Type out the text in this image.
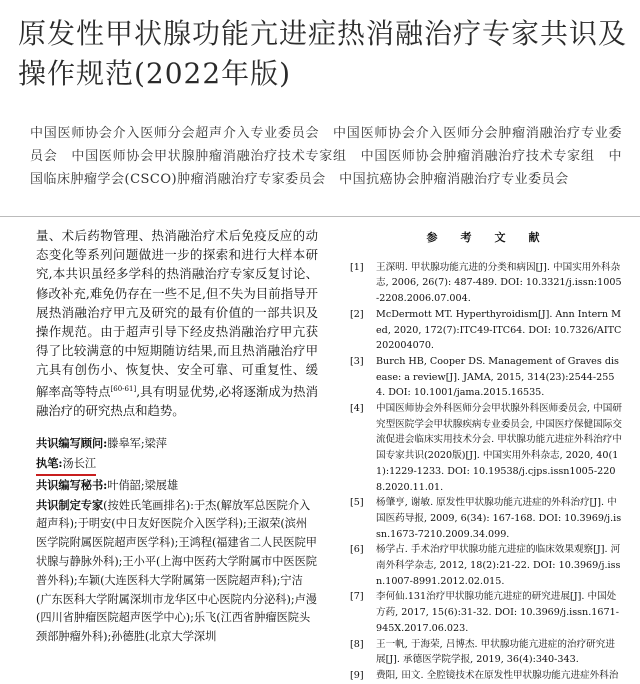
原发性甲状腺功能亢进症热消融治疗专家共识及操作规范(2022年版)

中国医师协会介入医师分会超声介入专业委员会　中国医师协会介入医师分会肿瘤消融治疗专业委员会　中国医师协会甲状腺肿瘤消融治疗技术专家组　中国医师协会肿瘤消融治疗技术专家组　中国临床肿瘤学会(CSCO)肿瘤消融治疗专家委员会　中国抗癌协会肿瘤消融治疗专业委员会

量、术后药物管理、热消融治疗术后免疫反应的动态变化等系列问题做进一步的探索和进行大样本研究,本共识虽经多学科的热消融治疗专家反复讨论、修改补充,难免仍存在一些不足,但不失为目前指导开展热消融治疗甲亢及研究的最有价值的一部共识及操作规范。由于超声引导下经皮热消融治疗甲亢获得了比较满意的中短期随访结果,而且热消融治疗甲亢具有创伤小、恢复快、安全可靠、可重复性、缓解率高等特点[60-61],具有明显优势,必将逐渐成为热消融治疗的研究热点和趋势。

共识编写顾问:滕皋军;梁萍
执笔:汤长江
共识编写秘书:叶俏韶;梁展雄
共识制定专家(按姓氏笔画排名):于杰(解放军总医院介入超声科);于明安(中日友好医院介入医学科);王淑荣(滨州医学院附属医院超声医学科);王鸿程(福建省二人民医院甲状腺与静脉外科);王小平(上海中医药大学附属市中医医院普外科);车颖(大连医科大学附属第一医院超声科);宁洁(广东医科大学附属深圳市龙华区中心医院内分泌科);卢漫(四川省肿瘤医院超声医学中心);乐飞(江西省肿瘤医院头颈部肿瘤外科);孙德胜(北京大学深圳
参　考　文　献
[1]	王深明. 甲状腺功能亢进的分类和病因[J]. 中国实用外科杂志, 2006, 26(7): 487-489. DOI: 10.3321/j.issn:1005-2208.2006.07.004.
[2]	McDermott MT. Hyperthyroidism[J]. Ann Intern Med, 2020, 172(7):ITC49-ITC64. DOI: 10.7326/AITC202004070.
[3]	Burch HB, Cooper DS. Management of Graves disease: a review[J]. JAMA, 2015, 314(23):2544-2554. DOI: 10.1001/jama.2015.16535.
[4]	中国医师协会外科医师分会甲状腺外科医师委员会, 中国研究型医院学会甲状腺疾病专业委员会, 中国医疗保健国际交流促进会临床实用技术分会. 甲状腺功能亢进症外科治疗中国专家共识(2020版)[J]. 中国实用外科杂志, 2020, 40(11):1229-1233. DOI: 10.19538/j.cjps.issn1005-2208.2020.11.01.
[5]	杨肇亨, 谢敏. 原发性甲状腺功能亢进症的外科治疗[J]. 中国医药导报, 2009, 6(34): 167-168. DOI: 10.3969/j.issn.1673-7210.2009.34.099.
[6]	杨学占. 手术治疗甲状腺功能亢进症的临床效果观察[J]. 河南外科学杂志, 2012, 18(2):21-22. DOI: 10.3969/j.issn.1007-8991.2012.02.015.
[7]	李何仙.131治疗甲状腺功能亢进症的研究进展[J]. 中国处方药, 2017, 15(6):31-32. DOI: 10.3969/j.issn.1671-945X.2017.06.023.
[8]	王一帆, 于海荣, 吕博杰. 甲状腺功能亢进症的治疗研究进展[J]. 承德医学院学报, 2019, 36(4):340-343.
[9]	费阳, 田文. 全腔镜技术在原发性甲状腺功能亢进症外科治
